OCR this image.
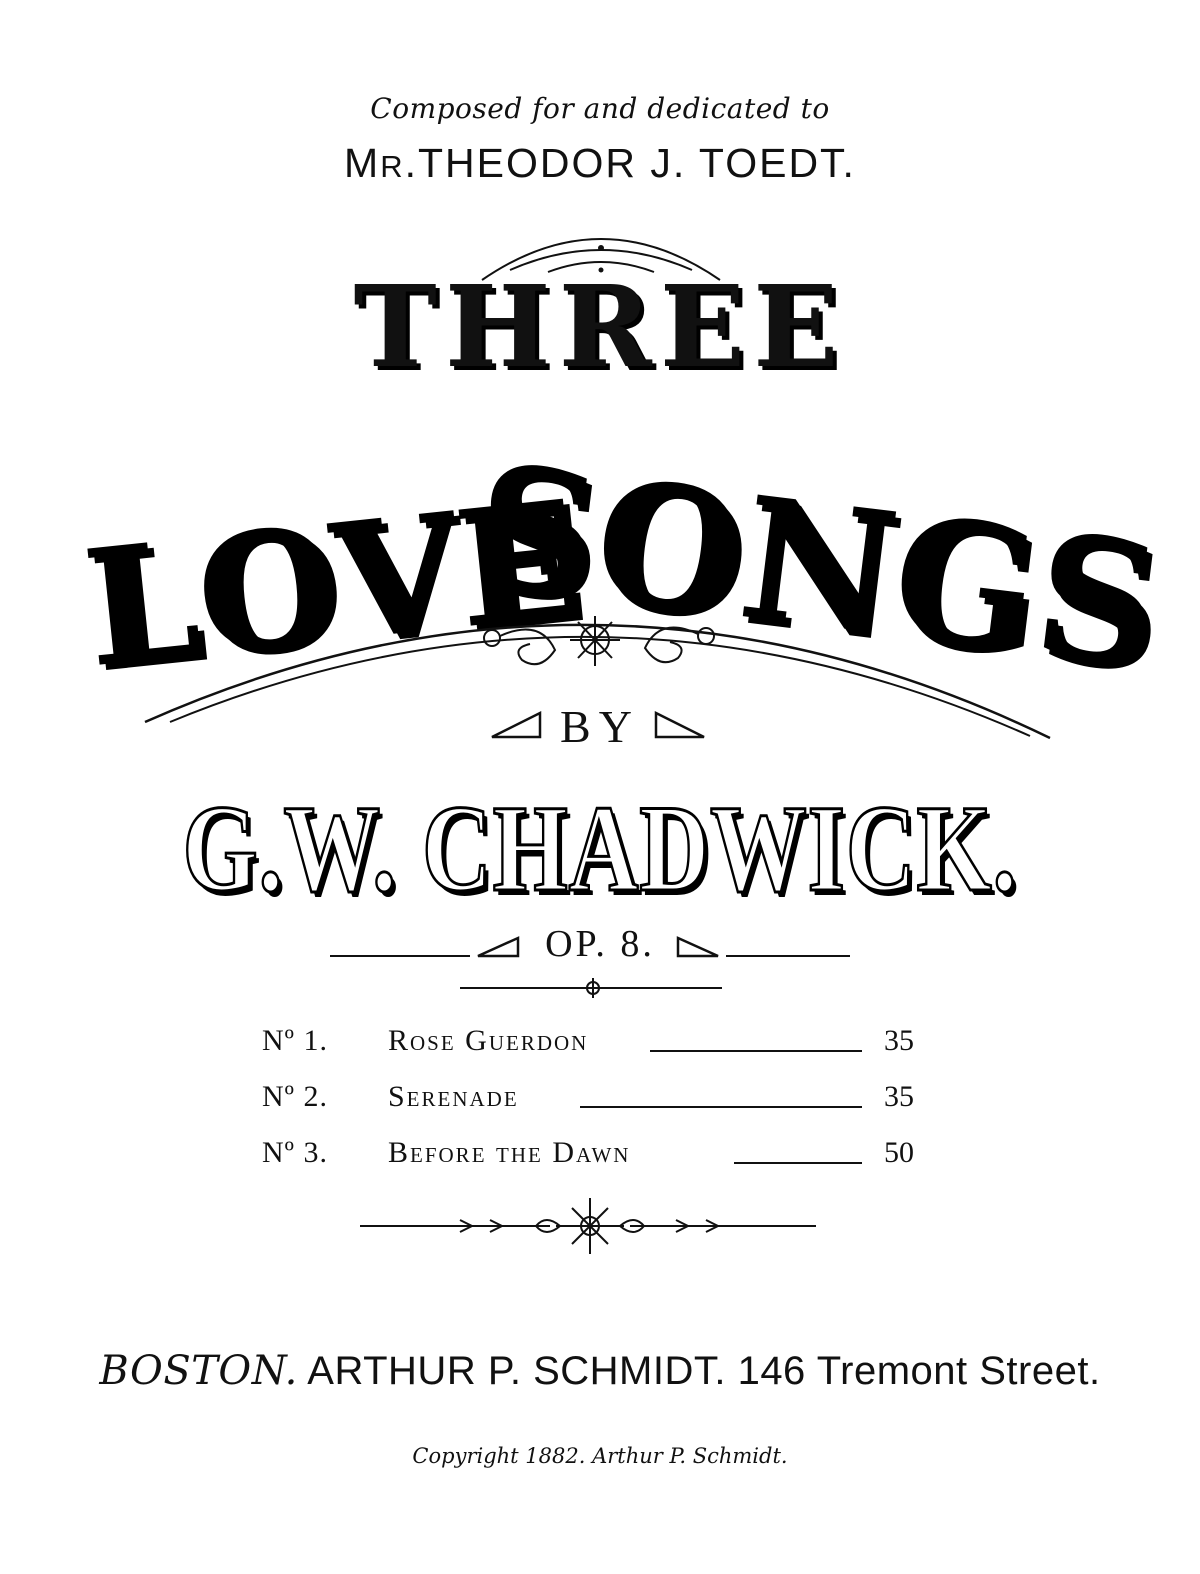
Composed for and dedicated to
MR.THEODOR J. TOEDT.
THREE
LOVE
SONGS
BY
G.W. CHADWICK.
OP. 8.
Nº 1. Rose Guerdon	35
Nº 2. Serenade	35
Nº 3. Before the Dawn	50
BOSTON. ARTHUR P. SCHMIDT. 146 Tremont Street.
Copyright 1882. Arthur P. Schmidt.
